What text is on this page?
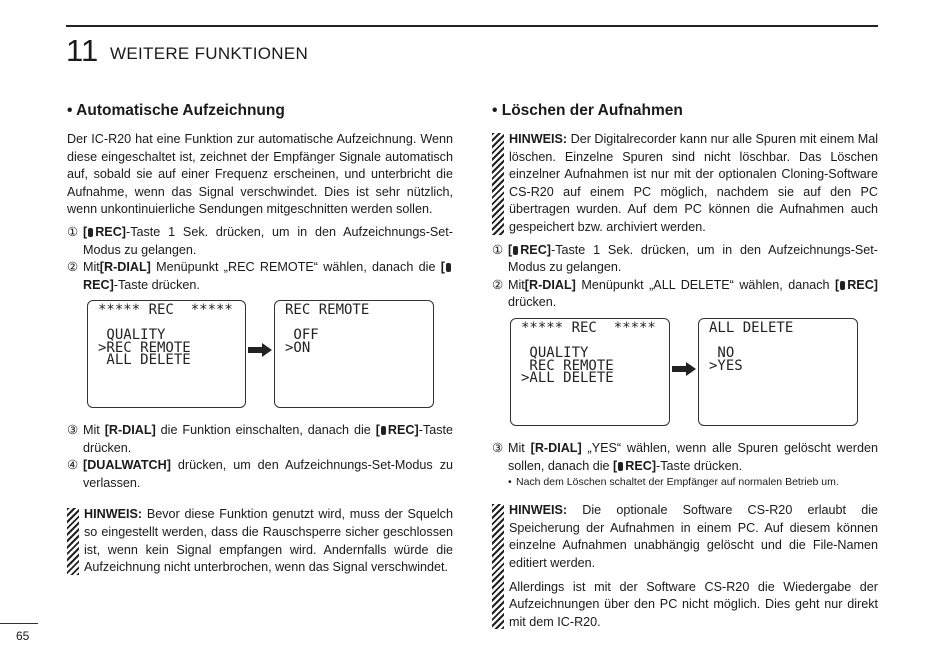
11 WEITERE FUNKTIONEN
• Automatische Aufzeichnung

Der IC-R20 hat eine Funktion zur automatische Aufzeichnung. Wenn diese eingeschaltet ist, zeichnet der Empfänger Signale automatisch auf, sobald sie auf einer Frequenz erscheinen, und unterbricht die Aufnahme, wenn das Signal verschwindet. Dies ist sehr nützlich, wenn unkontinuierliche Sendungen mitgeschnitten werden sollen.

① [ REC]-Taste 1 Sek. drücken, um in den Aufzeichnungs-Set-Modus zu gelangen.
② Mit[R-DIAL] Menüpunkt „REC REMOTE“ wählen, danach die [REC]-Taste drücken.
***** REC  *****

QUALITY
>REC REMOTE
ALL DELETE
REC REMOTE

OFF
>ON
③ Mit [R-DIAL] die Funktion einschalten, danach die [ REC]-Taste drücken.
④ [DUALWATCH] drücken, um den Aufzeichnungs-Set-Modus zu verlassen.

HINWEIS: Bevor diese Funktion genutzt wird, muss der Squelch so eingestellt werden, dass die Rauschsperre sicher geschlossen ist, wenn kein Signal empfangen wird. Andernfalls würde die Aufzeichnung nicht unterbrochen, wenn das Signal verschwindet.

• Löschen der Aufnahmen

HINWEIS: Der Digitalrecorder kann nur alle Spuren mit einem Mal löschen. Einzelne Spuren sind nicht löschbar. Das Löschen einzelner Aufnahmen ist nur mit der optionalen Cloning-Software CS-R20 auf einem PC möglich, nachdem sie auf den PC übertragen wurden. Auf dem PC können die Aufnahmen auch gespeichert bzw. archiviert werden.

① [ REC]-Taste 1 Sek. drücken, um in den Aufzeichnungs-Set-Modus zu gelangen.
② Mit[R-DIAL] Menüpunkt „ALL DELETE“ wählen, danach [ REC] drücken.
***** REC  *****

QUALITY
REC REMOTE
>ALL DELETE
ALL DELETE

NO
>YES
③ Mit [R-DIAL] „YES“ wählen, wenn alle Spuren gelöscht werden sollen, danach die [ REC]-Taste drücken.
• Nach dem Löschen schaltet der Empfänger auf normalen Betrieb um.

HINWEIS: Die optionale Software CS-R20 erlaubt die Speicherung der Aufnahmen in einem PC. Auf diesem können einzelne Aufnahmen unabhängig gelöscht und die File-Namen editiert werden.

Allerdings ist mit der Software CS-R20 die Wiedergabe der Aufzeichnungen über den PC nicht möglich. Dies geht nur direkt mit dem IC-R20.

65
